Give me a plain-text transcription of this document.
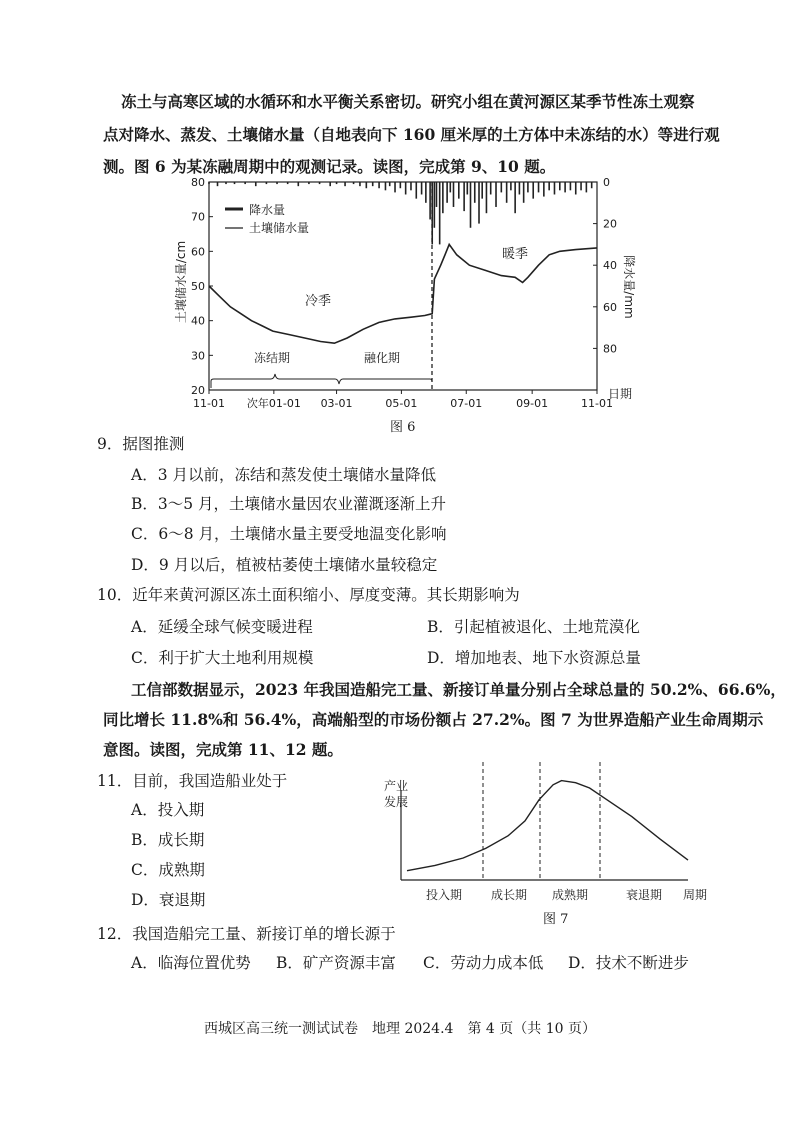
冻土与高寒区域的水循环和水平衡关系密切。研究小组在黄河源区某季节性冻土观察
点对降水、蒸发、土壤储水量（自地表向下 160 厘米厚的土方体中未冻结的水）等进行观
测。图 6 为某冻融周期中的观测记录。读图，完成第 9、10 题。
80
70
60
50
40
30
20
0
20
40
60
80
降水量
土壤储水量
冷季
暖季
冻结期	融化期
土壤储水量/cm	降水量/mm
日期
11-01 次年01-01 03-01	05-01	07-01	09-01	11-01
图 6
9．据图推测
A．3 月以前，冻结和蒸发使土壤储水量降低
B．3～5 月，土壤储水量因农业灌溉逐渐上升
C．6～8 月，土壤储水量主要受地温变化影响
D．9 月以后，植被枯萎使土壤储水量较稳定
10．近年来黄河源区冻土面积缩小、厚度变薄。其长期影响为
A．延缓全球气候变暖进程	B．引起植被退化、土地荒漠化
C．利于扩大土地利用规模	D．增加地表、地下水资源总量
工信部数据显示，2023 年我国造船完工量、新接订单量分别占全球总量的 50.2%、66.6%，
同比增长 11.8%和 56.4%，高端船型的市场份额占 27.2%。图 7 为世界造船产业生命周期示
意图。读图，完成第 11、12 题。
11．目前，我国造船业处于
A．投入期
B．成长期
C．成熟期
D．衰退期
产业 发展
投入期 成长期 成熟期	衰退期 周期
图 7
12．我国造船完工量、新接订单的增长源于
A．临海位置优势 B．矿产资源丰富 C．劳动力成本低 D．技术不断进步
西城区高三统一测试试卷　地理 2024.4　第 4 页（共 10 页）
